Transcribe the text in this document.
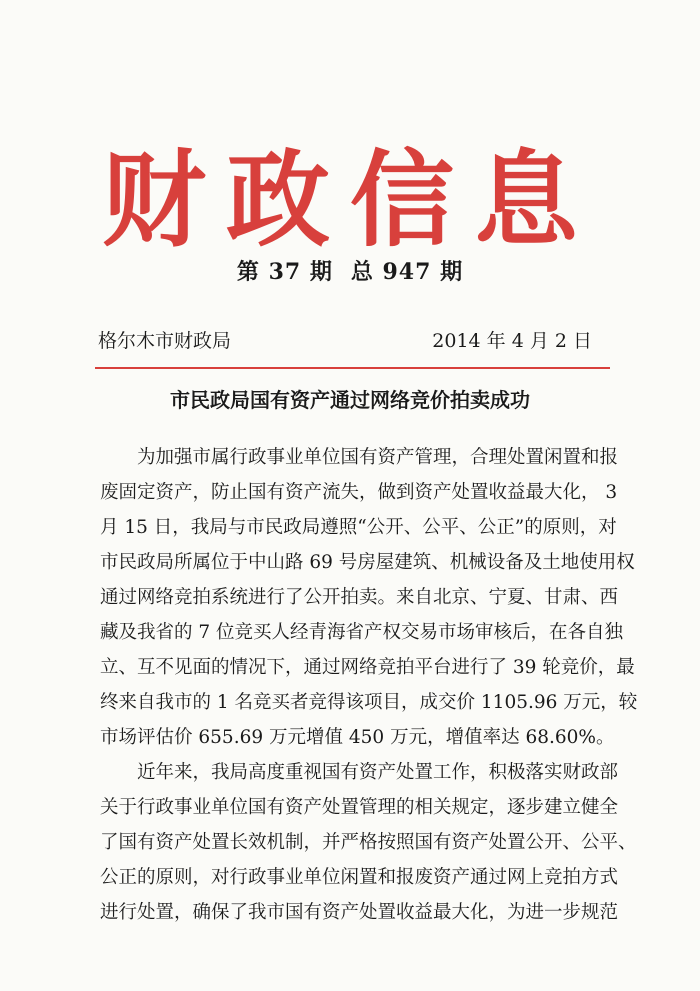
财政信息
第 37 期 总 947 期
格尔木市财政局	2014 年 4 月 2 日
市民政局国有资产通过网络竞价拍卖成功
为加强市属行政事业单位国有资产管理，合理处置闲置和报
废固定资产，防止国有资产流失，做到资产处置收益最大化， 3
月 15 日，我局与市民政局遵照“公开、公平、公正”的原则，对
市民政局所属位于中山路 69 号房屋建筑、机械设备及土地使用权
通过网络竞拍系统进行了公开拍卖。来自北京、宁夏、甘肃、西
藏及我省的 7 位竞买人经青海省产权交易市场审核后，在各自独
立、互不见面的情况下，通过网络竞拍平台进行了 39 轮竞价，最
终来自我市的 1 名竞买者竞得该项目，成交价 1105.96 万元，较
市场评估价 655.69 万元增值 450 万元，增值率达 68.60%。
近年来，我局高度重视国有资产处置工作，积极落实财政部
关于行政事业单位国有资产处置管理的相关规定，逐步建立健全
了国有资产处置长效机制，并严格按照国有资产处置公开、公平、
公正的原则，对行政事业单位闲置和报废资产通过网上竞拍方式
进行处置，确保了我市国有资产处置收益最大化，为进一步规范
